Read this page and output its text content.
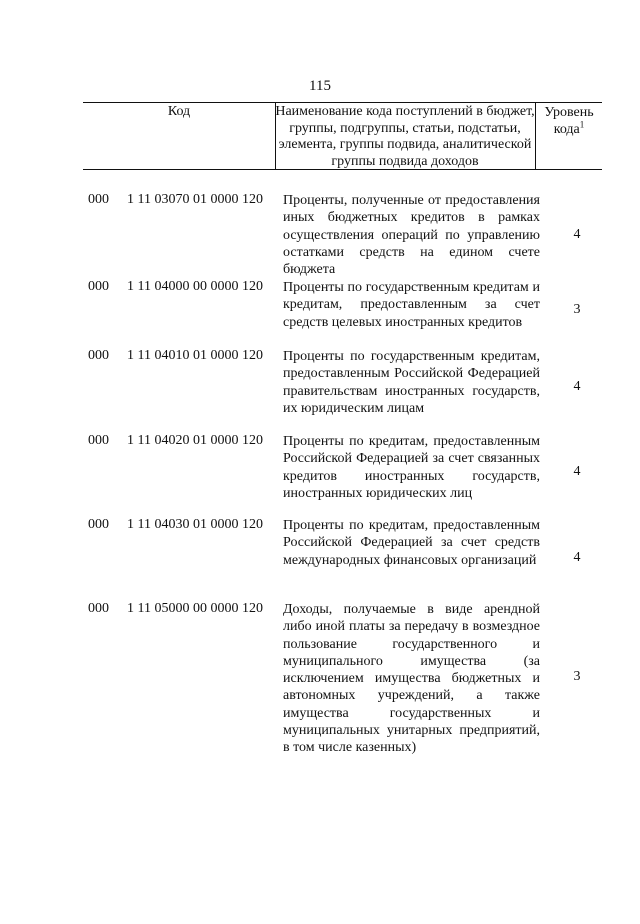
115
Код	Наименование кода поступлений в бюджет, группы, подгруппы, статьи, подстатьи, элемента, группы подвида, аналитической группы подвида доходов
Уровень кода$^1$
000 1 11 03070 01 0000 120 Проценты, полученные от предоставления иных бюджетных кредитов в рамках осуществления операций по управлению остатками средств на едином счете бюджета
4
000 1 11 04000 00 0000 120 Проценты по государственным кредитам и кредитам, предоставленным за счет средств целевых иностранных кредитов
3
000 1 11 04010 01 0000 120 Проценты по государственным кредитам, предоставленным Российской Федерацией правительствам иностранных государств, их юридическим лицам
4
000 1 11 04020 01 0000 120 Проценты по кредитам, предоставленным Российской Федерацией за счет связанных кредитов иностранных государств, иностранных юридических лиц
4
000 1 11 04030 01 0000 120 Проценты по кредитам, предоставленным Российской Федерацией за счет средств международных финансовых организаций	4
000 1 11 05000 00 0000 120 Доходы, получаемые в виде арендной либо иной платы за передачу в возмездное пользование государственного и муниципального имущества (за исключением имущества бюджетных и автономных учреждений, а также имущества государственных и муниципальных унитарных предприятий, в том числе казенных)
3
